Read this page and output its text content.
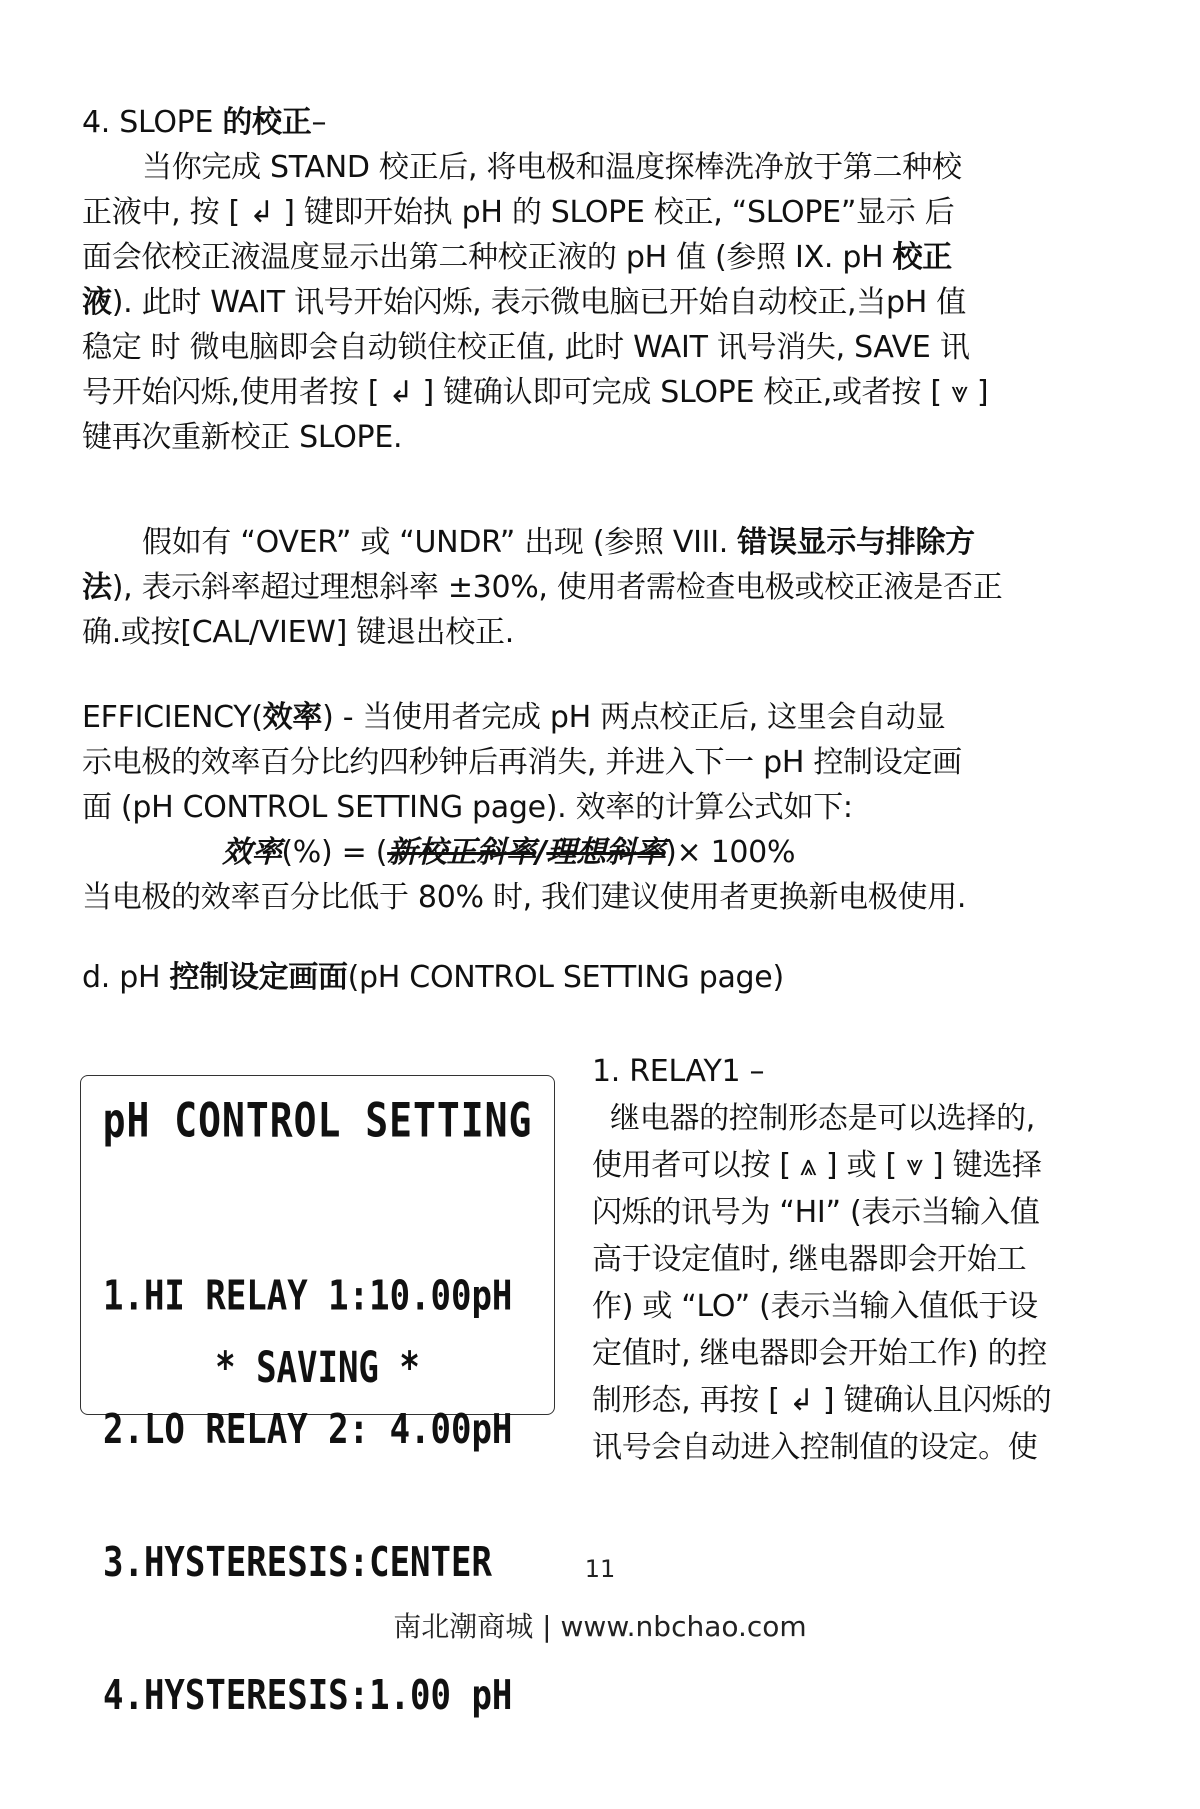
4. SLOPE 的校正–
当你完成 STAND 校正后, 将电极和温度探棒洗净放于第二种校
正液中, 按 [ ↲ ] 键即开始执 pH 的 SLOPE 校正, “SLOPE”显示 后
面会依校正液温度显示出第二种校正液的 pH 值 (参照 IX. pH 校正
液). 此时 WAIT 讯号开始闪烁, 表示微电脑已开始自动校正,当pH 值
稳定 时 微电脑即会自动锁住校正值, 此时 WAIT 讯号消失, SAVE 讯
号开始闪烁,使用者按 [ ↲ ] 键确认即可完成 SLOPE 校正,或者按 [ ⩔ ]
键再次重新校正 SLOPE.
假如有 “OVER” 或 “UNDR” 出现 (参照 VIII. 错误显示与排除方
法), 表示斜率超过理想斜率 ±30%, 使用者需检查电极或校正液是否正
确.或按[CAL/VIEW] 键退出校正.
EFFICIENCY(效率) - 当使用者完成 pH 两点校正后, 这里会自动显
示电极的效率百分比约四秒钟后再消失, 并进入下一 pH 控制设定画
面 (pH CONTROL SETTING page). 效率的计算公式如下:
效率(%) = (新校正斜率/理想斜率)× 100%
当电极的效率百分比低于 80% 时, 我们建议使用者更换新电极使用.
d. pH 控制设定画面(pH CONTROL SETTING page)
pH CONTROL SETTING

1.HI RELAY 1:10.00pH

2.LO RELAY 2: 4.00pH

3.HYSTERESIS:CENTER

4.HYSTERESIS:1.00 pH

* SAVING *
1. RELAY1 –
继电器的控制形态是可以选择的,
使用者可以按 [ ⩓ ] 或 [ ⩔ ] 键选择
闪烁的讯号为 “HI” (表示当输入值
高于设定值时, 继电器即会开始工
作) 或 “LO” (表示当输入值低于设
定值时, 继电器即会开始工作) 的控
制形态, 再按 [ ↲ ] 键确认且闪烁的
讯号会自动进入控制值的设定。使
11
南北潮商城 | www.nbchao.com
